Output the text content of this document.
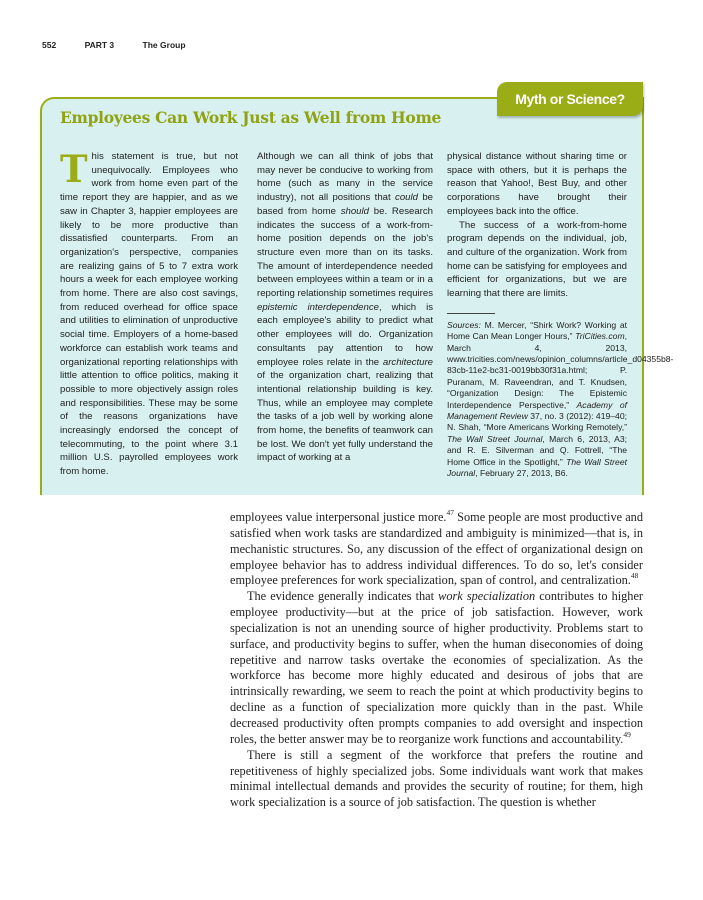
552	PART 3	The Group
Myth or Science?
Employees Can Work Just as Well from Home

This statement is true, but not unequivocally. Employees who work from home even part of the time report they are happier, and as we saw in Chapter 3, happier employees are likely to be more productive than dissatisfied counterparts. From an organization's perspective, companies are realizing gains of 5 to 7 extra work hours a week for each employee working from home. There are also cost savings, from reduced overhead for office space and utilities to elimination of unproductive social time. Employers of a home-based workforce can establish work teams and organizational reporting relationships with little attention to office politics, making it possible to more objectively assign roles and responsibilities. These may be some of the reasons organizations have increasingly endorsed the concept of telecommuting, to the point where 3.1 million U.S. payrolled employees work from home.

Although we can all think of jobs that may never be conducive to working from home (such as many in the service industry), not all positions that could be based from home should be. Research indicates the success of a work-from-home position depends on the job's structure even more than on its tasks. The amount of interdependence needed between employees within a team or in a reporting relationship sometimes requires epistemic interdependence, which is each employee's ability to predict what other employees will do. Organization consultants pay attention to how employee roles relate in the architecture of the organization chart, realizing that intentional relationship building is key. Thus, while an employee may complete the tasks of a job well by working alone from home, the benefits of teamwork can be lost. We don't yet fully understand the impact of working at a

physical distance without sharing time or space with others, but it is perhaps the reason that Yahoo!, Best Buy, and other corporations have brought their employees back into the office.

The success of a work-from-home program depends on the individual, job, and culture of the organization. Work from home can be satisfying for employees and efficient for organizations, but we are learning that there are limits.

Sources: M. Mercer, “Shirk Work? Working at Home Can Mean Longer Hours,” TriCities.com, March 4, 2013, www.tricities.com/news/opinion_columns/article_d04355b8-83cb-11e2-bc31-0019bb30f31a.html; P. Puranam, M. Raveendran, and T. Knudsen, “Organization Design: The Epistemic Interdependence Perspective,” Academy of Management Review 37, no. 3 (2012): 419–40; N. Shah, “More Americans Working Remotely,” The Wall Street Journal, March 6, 2013, A3; and R. E. Silverman and Q. Fottrell, “The Home Office in the Spotlight,” The Wall Street Journal, February 27, 2013, B6.

employees value interpersonal justice more.$^{47}$ Some people are most productive and satisfied when work tasks are standardized and ambiguity is minimized—that is, in mechanistic structures. So, any discussion of the effect of organizational design on employee behavior has to address individual differences. To do so, let's consider employee preferences for work specialization, span of control, and centralization.$^{48}$

The evidence generally indicates that work specialization contributes to higher employee productivity—but at the price of job satisfaction. However, work specialization is not an unending source of higher productivity. Problems start to surface, and productivity begins to suffer, when the human diseconomies of doing repetitive and narrow tasks overtake the economies of specialization. As the workforce has become more highly educated and desirous of jobs that are intrinsically rewarding, we seem to reach the point at which productivity begins to decline as a function of specialization more quickly than in the past. While decreased productivity often prompts companies to add oversight and inspection roles, the better answer may be to reorganize work functions and accountability.$^{49}$

There is still a segment of the workforce that prefers the routine and repetitiveness of highly specialized jobs. Some individuals want work that makes minimal intellectual demands and provides the security of routine; for them, high work specialization is a source of job satisfaction. The question is whether
